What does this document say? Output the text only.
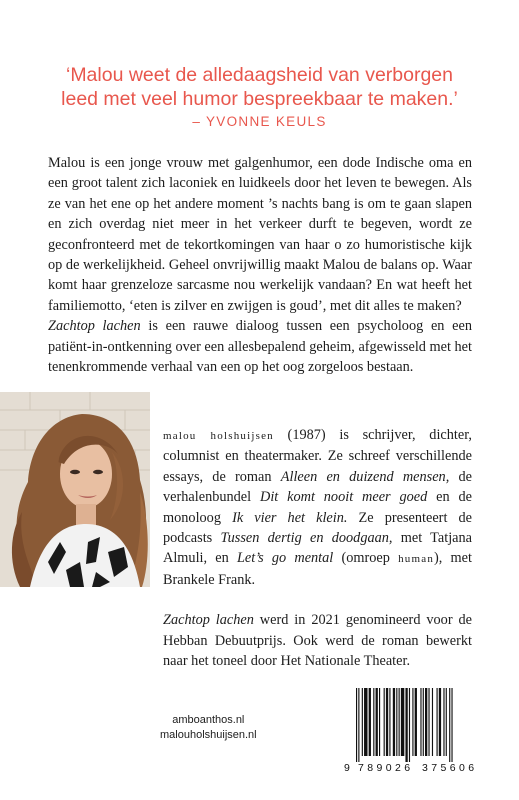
‘Malou weet de alledaagsheid van verborgen
leed met veel humor bespreekbaar te maken.’

– YVONNE KEULS

Malou is een jonge vrouw met galgenhumor, een dode Indische oma en een groot talent zich laconiek en luidkeels door het leven te bewegen. Als ze van het ene op het andere moment ’s nachts bang is om te gaan slapen en zich overdag niet meer in het verkeer durft te begeven, wordt ze geconfronteerd met de tekortkomingen van haar o zo humoristische kijk op de werkelijkheid. Geheel onvrijwillig maakt Malou de balans op. Waar komt haar grenzeloze sarcasme nou werkelijk vandaan? En wat heeft het familiemotto, ‘eten is zilver en zwijgen is goud’, met dit alles te maken?

Zachtop lachen is een rauwe dialoog tussen een psycholoog en een patiënt-in-ontkenning over een allesbepalend geheim, afgewisseld met het tenenkrommende verhaal van een op het oog zorgeloos bestaan.

malou holshuijsen (1987) is schrijver, dichter, columnist en theatermaker. Ze schreef verschillende essays, de roman Alleen en duizend mensen, de verhalenbundel Dit komt nooit meer goed en de monoloog Ik vier het klein. Ze presenteert de podcasts Tussen dertig en doodgaan, met Tatjana Almuli, en Let’s go mental (omroep human), met Brankele Frank.

Zachtop lachen werd in 2021 genomineerd voor de Hebban Debuutprijs. Ook werd de roman bewerkt naar het toneel door Het Nationale Theater.

amboanthos.nl
malouholshuijsen.nl
9 789026 375606
